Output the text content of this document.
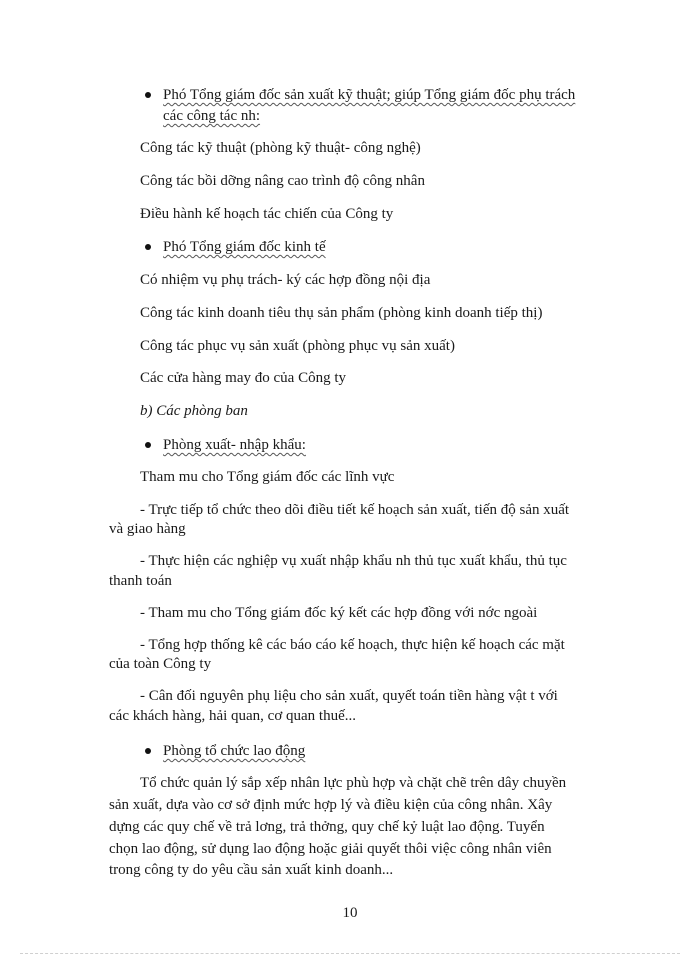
Phó Tổng giám đốc sản xuất kỹ thuật; giúp Tổng giám đốc phụ trách
các công tác nh:
Công tác kỹ thuật (phòng kỹ thuật- công nghệ)
Công tác bồi dỡng nâng cao trình độ công nhân
Điều hành kế hoạch tác chiến của Công ty
Phó Tổng giám đốc kinh tế
Có nhiệm vụ phụ trách- ký các hợp đồng nội địa
Công tác kinh doanh tiêu thụ sản phẩm (phòng kinh doanh tiếp thị)
Công tác phục vụ sản xuất (phòng phục vụ sản xuất)
Các cửa hàng may đo của Công ty
b) Các phòng ban
Phòng xuất- nhập khẩu:
Tham mu cho Tổng giám đốc các lĩnh vực
- Trực tiếp tổ chức theo dõi điều tiết kế hoạch sản xuất, tiến độ sản xuất
và giao hàng
- Thực hiện các nghiệp vụ xuất nhập khẩu nh thủ tục xuất khẩu, thủ tục
thanh toán
- Tham mu cho Tổng giám đốc ký kết các hợp đồng với nớc ngoài
- Tổng hợp thống kê các báo cáo kế hoạch, thực hiện kế hoạch các mặt
của toàn Công ty
- Cân đối nguyên phụ liệu cho sản xuất, quyết toán tiền hàng vật t với
các khách hàng, hải quan, cơ quan thuế...
Phòng tổ chức lao động
Tổ chức quản lý sắp xếp nhân lực phù hợp và chặt chẽ trên dây chuyền
sản xuất, dựa vào cơ sở định mức hợp lý và điều kiện của công nhân. Xây
dựng các quy chế về trả lơng, trả thởng, quy chế kỷ luật lao động. Tuyển
chọn lao động, sử dụng lao động hoặc giải quyết thôi việc công nhân viên
trong công ty do yêu cầu sản xuất kinh doanh...
10
